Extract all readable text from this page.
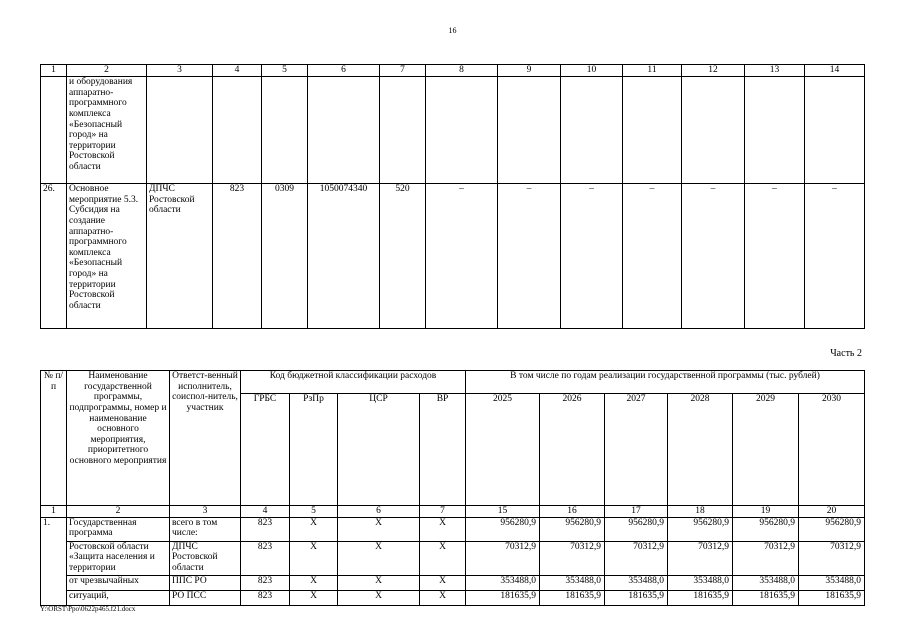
16
1	2	3	4	5	6	7	8	9	10	11	12	13	14
	и оборудования аппаратно-программного комплекса «Безопасный город» на территории Ростовской области												
26.	Основное мероприятие 5.3. Субсидия на создание аппаратно-программного комплекса «Безопасный город» на территории Ростовской области	ДПЧС Ростовской области	823	0309	1050074340	520	–	–	–	–	–	–	–
Часть 2
№ п/п	Наименование государственной программы, подпрограммы, номер и наименование основного мероприятия, приоритетного основного мероприятия	Ответст-венный исполнитель, соиспол-нитель, участник	Код бюджетной классификации расходов				В том числе по годам реализации государственной программы (тыс. рублей)					
			ГРБС	РзПр	ЦСР	ВР	2025	2026	2027	2028	2029	2030
1	2	3	4	5	6	7	15	16	17	18	19	20
1.	Государственная программа	всего в том числе:	823	Х	Х	Х	956280,9	956280,9	956280,9	956280,9	956280,9	956280,9
	Ростовской области «Защита населения и территории	ДПЧС Ростовской области	823	Х	Х	Х	70312,9	70312,9	70312,9	70312,9	70312,9	70312,9
	от чрезвычайных	ППС РО	823	Х	Х	Х	353488,0	353488,0	353488,0	353488,0	353488,0	353488,0
	ситуаций,	РО ПСС	823	Х	Х	Х	181635,9	181635,9	181635,9	181635,9	181635,9	181635,9
Y:\ORST\Ppo\0622p465.f21.docx
